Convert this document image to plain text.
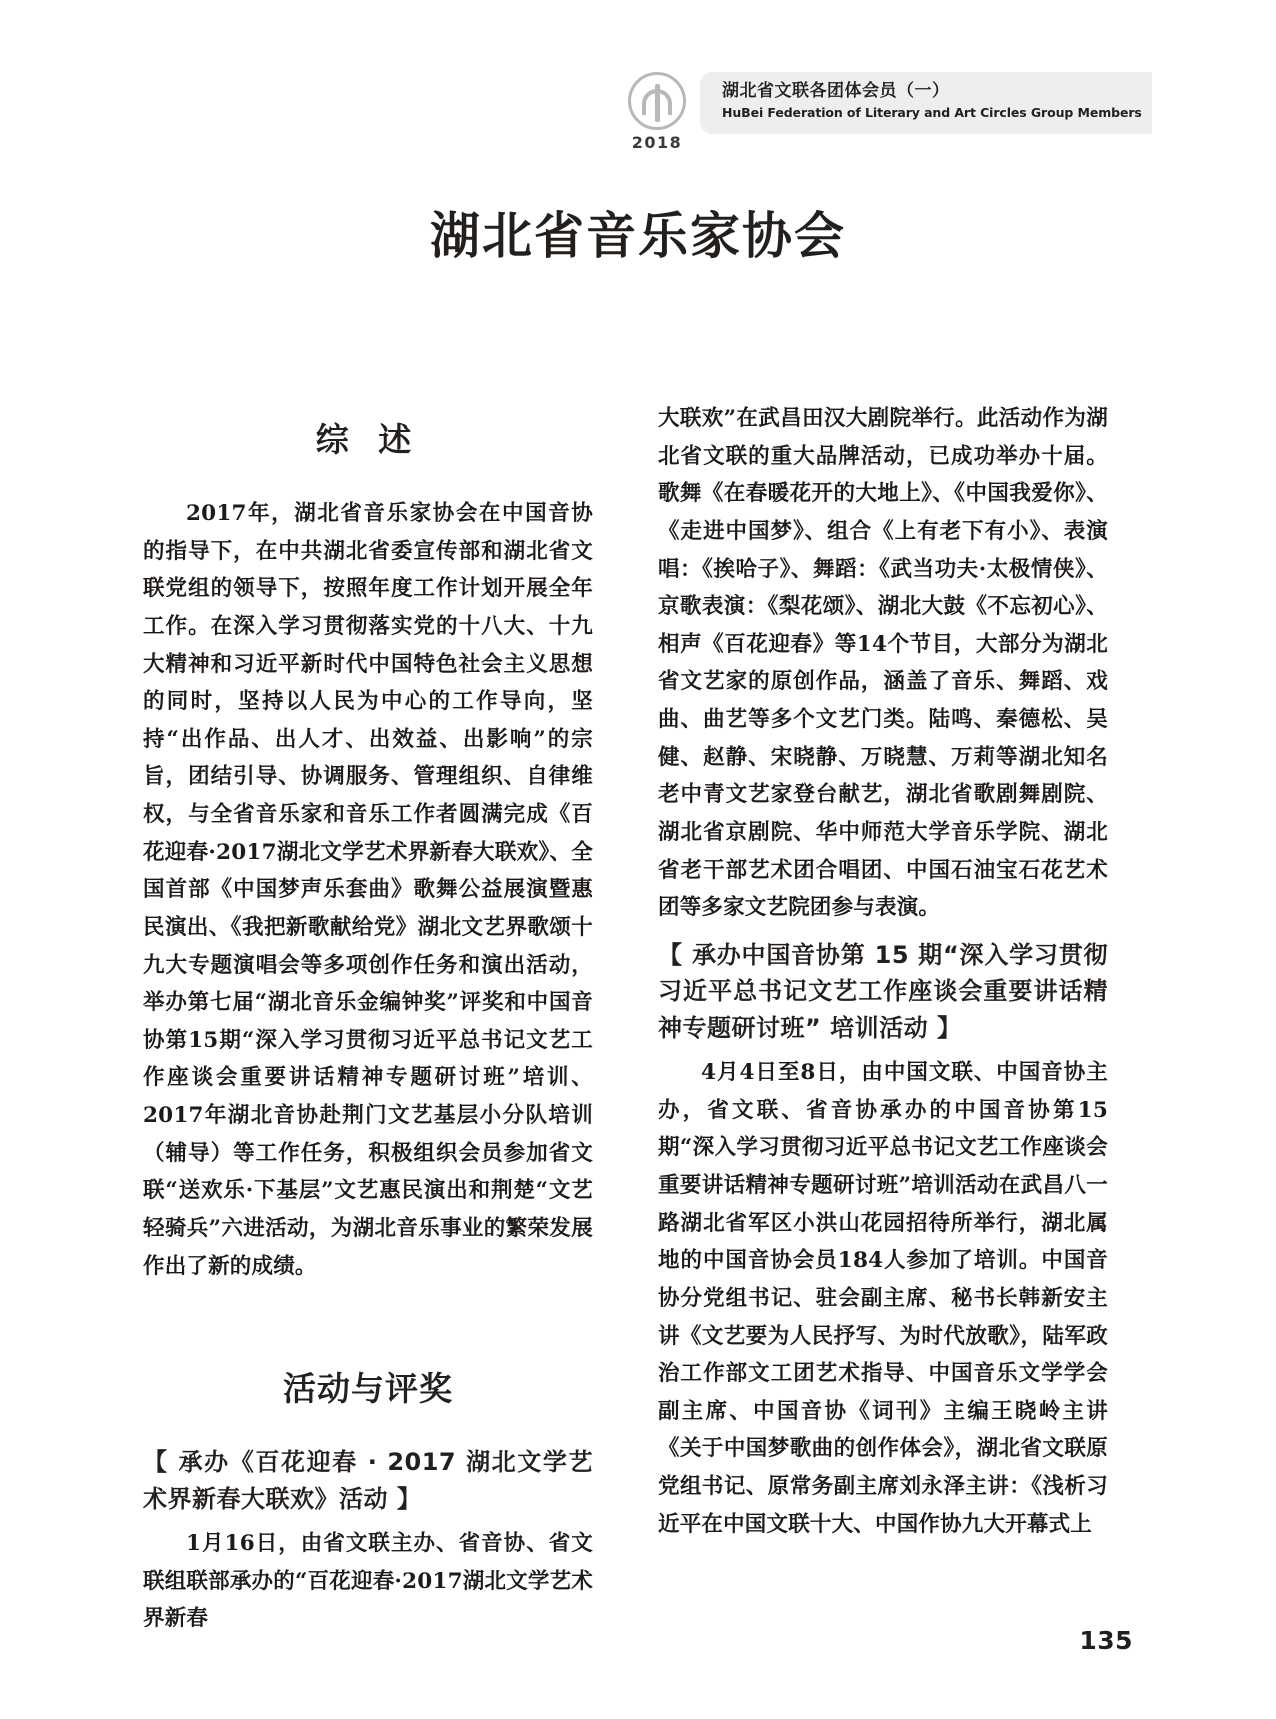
2018
湖北省文联各团体会员（一）
HuBei Federation of Literary and Art Circles Group Members
湖北省音乐家协会
综 述

2017年，湖北省音乐家协会在中国音协的指导下，在中共湖北省委宣传部和湖北省文联党组的领导下，按照年度工作计划开展全年工作。在深入学习贯彻落实党的十八大、十九大精神和习近平新时代中国特色社会主义思想的同时，坚持以人民为中心的工作导向，坚持“出作品、出人才、出效益、出影响”的宗旨，团结引导、协调服务、管理组织、自律维权，与全省音乐家和音乐工作者圆满完成《百花迎春·2017湖北文学艺术界新春大联欢》、全国首部《中国梦声乐套曲》歌舞公益展演暨惠民演出、《我把新歌献给党》湖北文艺界歌颂十九大专题演唱会等多项创作任务和演出活动，举办第七届“湖北音乐金编钟奖”评奖和中国音协第15期“深入学习贯彻习近平总书记文艺工作座谈会重要讲话精神专题研讨班”培训、2017年湖北音协赴荆门文艺基层小分队培训（辅导）等工作任务，积极组织会员参加省文联“送欢乐·下基层”文艺惠民演出和荆楚“文艺轻骑兵”六进活动，为湖北音乐事业的繁荣发展作出了新的成绩。

活动与评奖
【 承办《百花迎春 · 2017 湖北文学艺术界新春大联欢》活动 】

1月16日，由省文联主办、省音协、省文联组联部承办的“百花迎春·2017湖北文学艺术界新春

大联欢”在武昌田汉大剧院举行。此活动作为湖北省文联的重大品牌活动，已成功举办十届。歌舞《在春暖花开的大地上》、《中国我爱你》、《走进中国梦》、组合《上有老下有小》、表演唱：《挨哈子》、舞蹈：《武当功夫·太极情侠》、京歌表演：《梨花颂》、湖北大鼓《不忘初心》、相声《百花迎春》等14个节目，大部分为湖北省文艺家的原创作品，涵盖了音乐、舞蹈、戏曲、曲艺等多个文艺门类。陆鸣、秦德松、吴健、赵静、宋晓静、万晓慧、万莉等湖北知名老中青文艺家登台献艺，湖北省歌剧舞剧院、湖北省京剧院、华中师范大学音乐学院、湖北省老干部艺术团合唱团、中国石油宝石花艺术团等多家文艺院团参与表演。

【 承办中国音协第 15 期“深入学习贯彻习近平总书记文艺工作座谈会重要讲话精神专题研讨班” 培训活动 】

4月4日至8日，由中国文联、中国音协主办，省文联、省音协承办的中国音协第15期“深入学习贯彻习近平总书记文艺工作座谈会重要讲话精神专题研讨班”培训活动在武昌八一路湖北省军区小洪山花园招待所举行，湖北属地的中国音协会员184人参加了培训。中国音协分党组书记、驻会副主席、秘书长韩新安主讲《文艺要为人民抒写、为时代放歌》，陆军政治工作部文工团艺术指导、中国音乐文学学会副主席、中国音协《词刊》主编王晓岭主讲《关于中国梦歌曲的创作体会》，湖北省文联原党组书记、原常务副主席刘永泽主讲：《浅析习近平在中国文联十大、中国作协九大开幕式上

135
